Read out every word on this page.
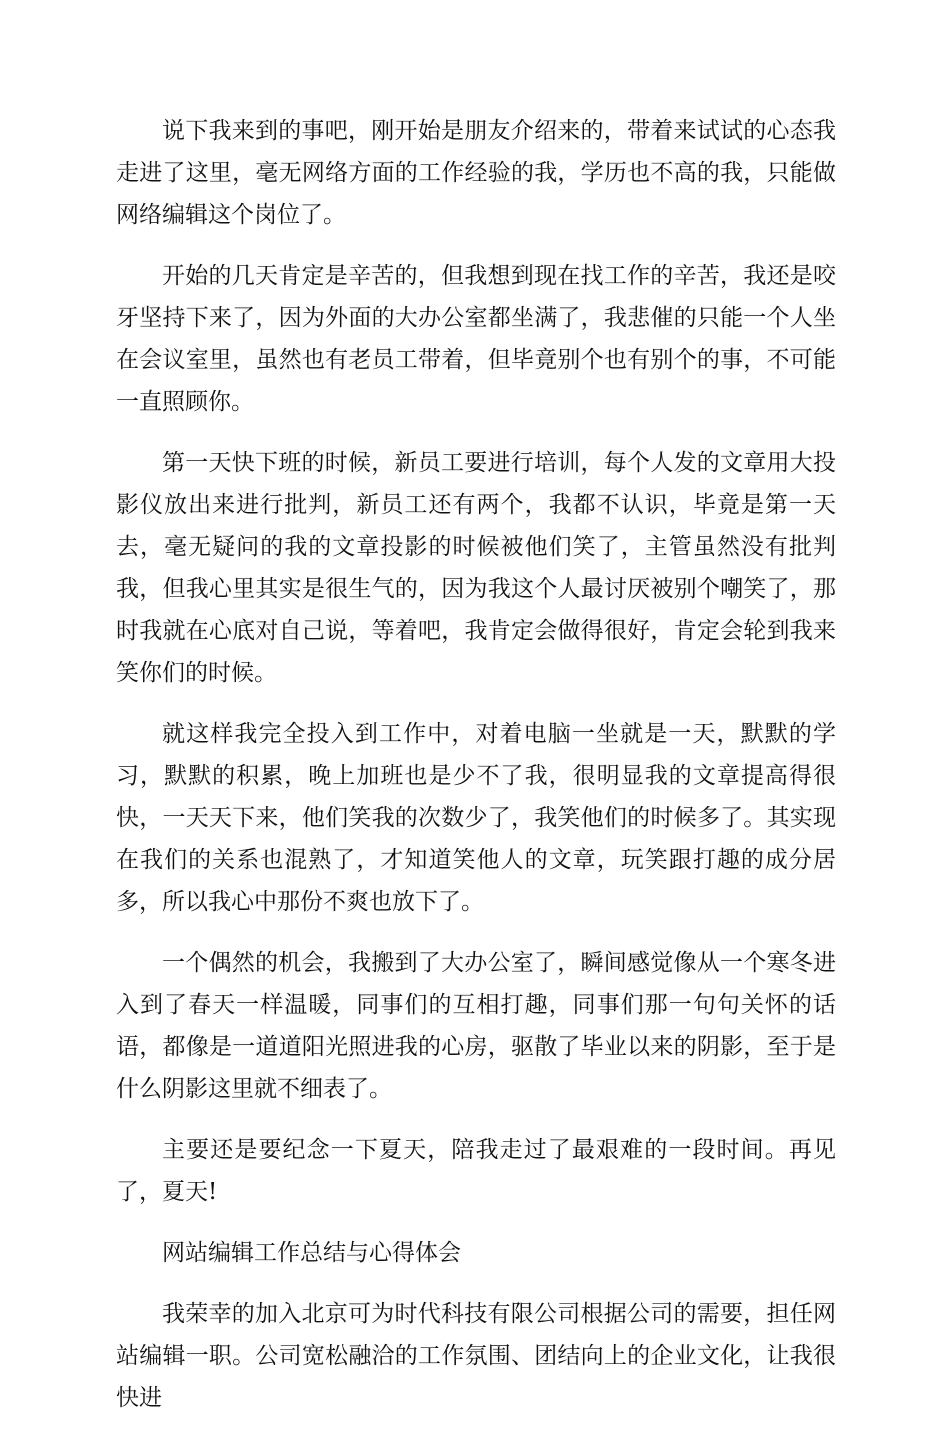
说下我来到的事吧，刚开始是朋友介绍来的，带着来试试的心态我走进了这里，毫无网络方面的工作经验的我，学历也不高的我，只能做网络编辑这个岗位了。

开始的几天肯定是辛苦的，但我想到现在找工作的辛苦，我还是咬牙坚持下来了，因为外面的大办公室都坐满了，我悲催的只能一个人坐在会议室里，虽然也有老员工带着，但毕竟别个也有别个的事，不可能一直照顾你。

第一天快下班的时候，新员工要进行培训，每个人发的文章用大投影仪放出来进行批判，新员工还有两个，我都不认识，毕竟是第一天去，毫无疑问的我的文章投影的时候被他们笑了，主管虽然没有批判我，但我心里其实是很生气的，因为我这个人最讨厌被别个嘲笑了，那时我就在心底对自己说，等着吧，我肯定会做得很好，肯定会轮到我来笑你们的时候。

就这样我完全投入到工作中，对着电脑一坐就是一天，默默的学习，默默的积累，晚上加班也是少不了我，很明显我的文章提高得很快，一天天下来，他们笑我的次数少了，我笑他们的时候多了。其实现在我们的关系也混熟了，才知道笑他人的文章，玩笑跟打趣的成分居多，所以我心中那份不爽也放下了。

一个偶然的机会，我搬到了大办公室了，瞬间感觉像从一个寒冬进入到了春天一样温暖，同事们的互相打趣，同事们那一句句关怀的话语，都像是一道道阳光照进我的心房，驱散了毕业以来的阴影，至于是什么阴影这里就不细表了。

主要还是要纪念一下夏天，陪我走过了最艰难的一段时间。再见了，夏天!

网站编辑工作总结与心得体会

我荣幸的加入北京可为时代科技有限公司根据公司的需要，担任网站编辑一职。公司宽松融洽的工作氛围、团结向上的企业文化，让我很快进
